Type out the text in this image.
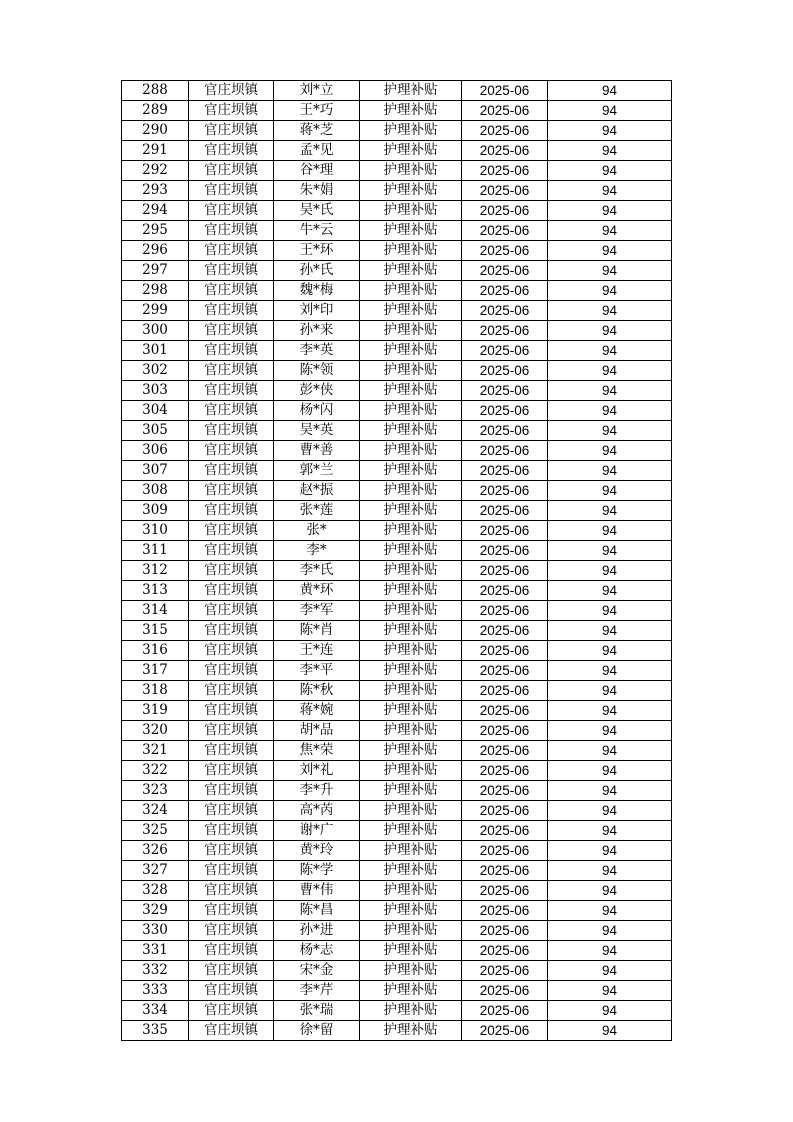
288	官庄坝镇	刘*立	护理补贴	2025-06	94
289	官庄坝镇	王*巧	护理补贴	2025-06	94
290	官庄坝镇	蒋*芝	护理补贴	2025-06	94
291	官庄坝镇	孟*见	护理补贴	2025-06	94
292	官庄坝镇	谷*理	护理补贴	2025-06	94
293	官庄坝镇	朱*娟	护理补贴	2025-06	94
294	官庄坝镇	吴*氏	护理补贴	2025-06	94
295	官庄坝镇	牛*云	护理补贴	2025-06	94
296	官庄坝镇	王*环	护理补贴	2025-06	94
297	官庄坝镇	孙*氏	护理补贴	2025-06	94
298	官庄坝镇	魏*梅	护理补贴	2025-06	94
299	官庄坝镇	刘*印	护理补贴	2025-06	94
300	官庄坝镇	孙*来	护理补贴	2025-06	94
301	官庄坝镇	李*英	护理补贴	2025-06	94
302	官庄坝镇	陈*领	护理补贴	2025-06	94
303	官庄坝镇	彭*侠	护理补贴	2025-06	94
304	官庄坝镇	杨*闪	护理补贴	2025-06	94
305	官庄坝镇	吴*英	护理补贴	2025-06	94
306	官庄坝镇	曹*善	护理补贴	2025-06	94
307	官庄坝镇	郭*兰	护理补贴	2025-06	94
308	官庄坝镇	赵*振	护理补贴	2025-06	94
309	官庄坝镇	张*莲	护理补贴	2025-06	94
310	官庄坝镇	张*	护理补贴	2025-06	94
311	官庄坝镇	李*	护理补贴	2025-06	94
312	官庄坝镇	李*氏	护理补贴	2025-06	94
313	官庄坝镇	黄*环	护理补贴	2025-06	94
314	官庄坝镇	李*军	护理补贴	2025-06	94
315	官庄坝镇	陈*肖	护理补贴	2025-06	94
316	官庄坝镇	王*连	护理补贴	2025-06	94
317	官庄坝镇	李*平	护理补贴	2025-06	94
318	官庄坝镇	陈*秋	护理补贴	2025-06	94
319	官庄坝镇	蒋*婉	护理补贴	2025-06	94
320	官庄坝镇	胡*品	护理补贴	2025-06	94
321	官庄坝镇	焦*荣	护理补贴	2025-06	94
322	官庄坝镇	刘*礼	护理补贴	2025-06	94
323	官庄坝镇	李*升	护理补贴	2025-06	94
324	官庄坝镇	高*芮	护理补贴	2025-06	94
325	官庄坝镇	谢*广	护理补贴	2025-06	94
326	官庄坝镇	黄*玲	护理补贴	2025-06	94
327	官庄坝镇	陈*学	护理补贴	2025-06	94
328	官庄坝镇	曹*伟	护理补贴	2025-06	94
329	官庄坝镇	陈*昌	护理补贴	2025-06	94
330	官庄坝镇	孙*进	护理补贴	2025-06	94
331	官庄坝镇	杨*志	护理补贴	2025-06	94
332	官庄坝镇	宋*金	护理补贴	2025-06	94
333	官庄坝镇	李*芹	护理补贴	2025-06	94
334	官庄坝镇	张*瑞	护理补贴	2025-06	94
335	官庄坝镇	徐*留	护理补贴	2025-06	94
